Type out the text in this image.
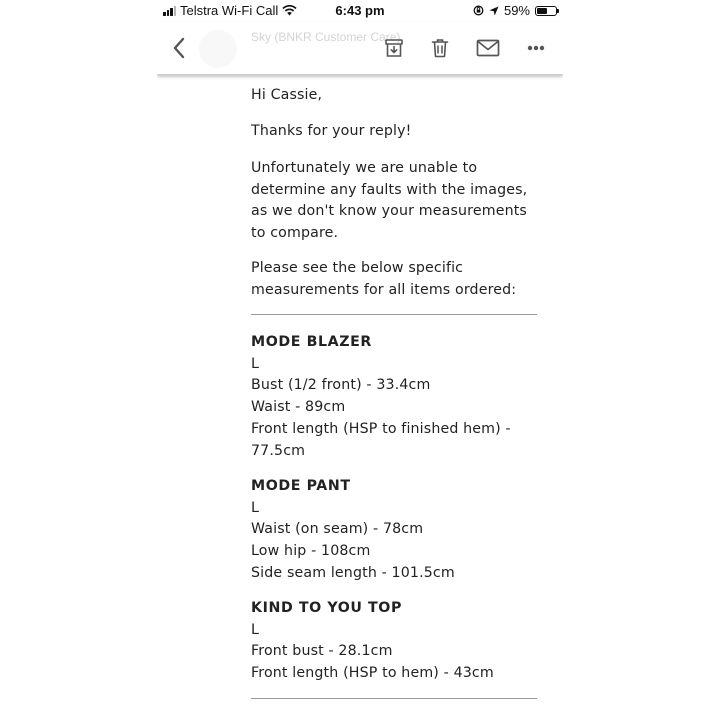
Telstra Wi-Fi Call	6:43 pm	59%
Sky (BNKR Customer Care)

Hi Cassie,

Thanks for your reply!

Unfortunately we are unable to determine any faults with the images, as we don't know your measurements to compare.

Please see the below specific measurements for all items ordered:

MODE BLAZER
L
Bust (1/2 front) - 33.4cm
Waist - 89cm
Front length (HSP to finished hem) - 77.5cm
MODE PANT
L
Waist (on seam) - 78cm
Low hip - 108cm
Side seam length - 101.5cm
KIND TO YOU TOP
L
Front bust - 28.1cm
Front length (HSP to hem) - 43cm
